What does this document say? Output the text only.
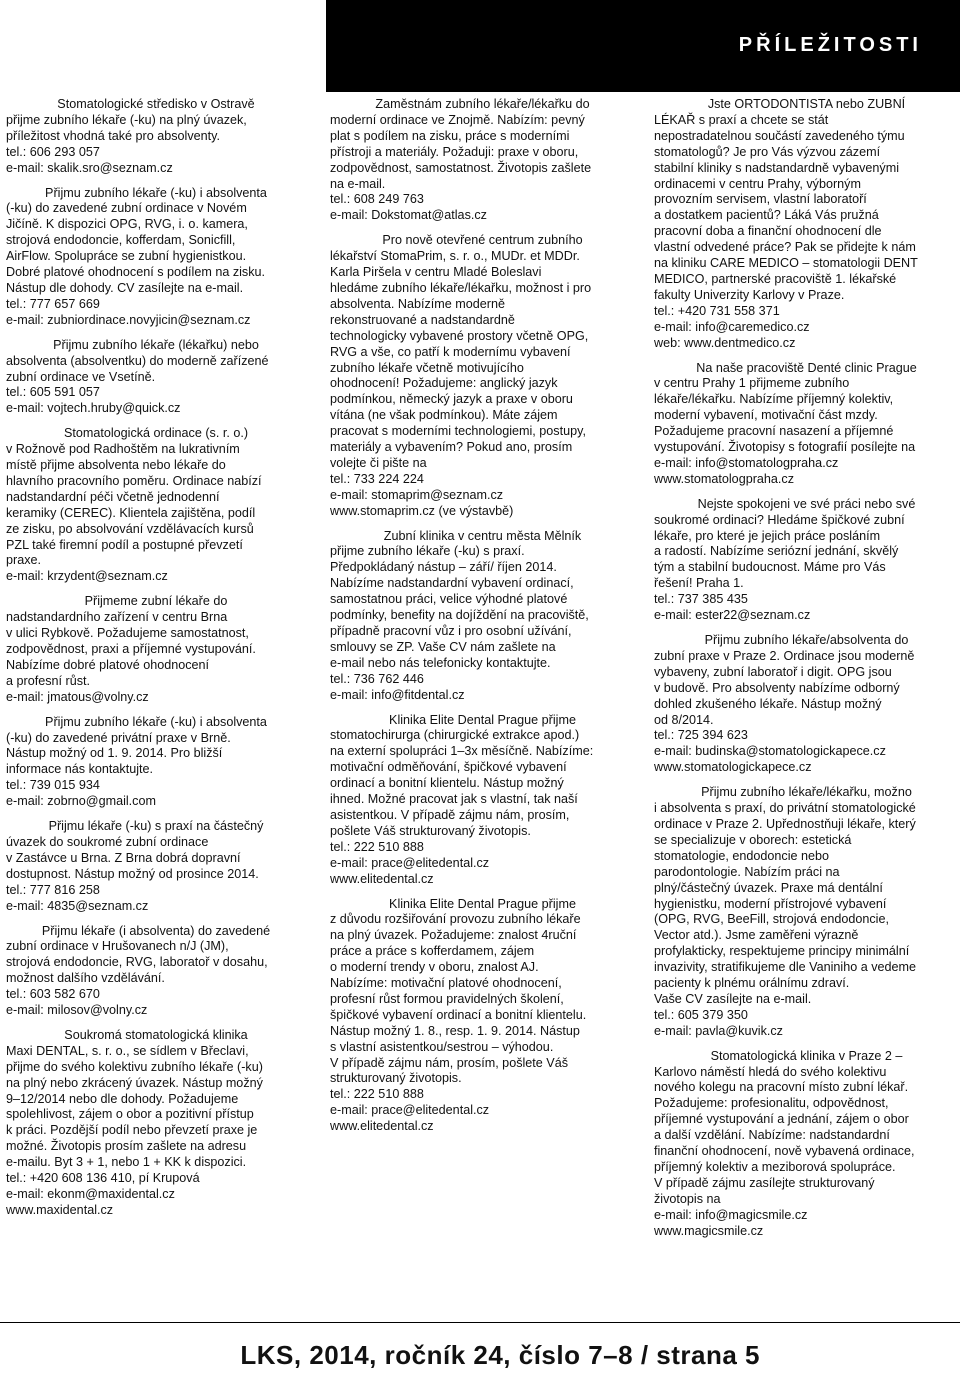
PŘÍLEŽITOSTI
Stomatologické středisko v Ostravě
přijme zubního lékaře (-ku) na plný úvazek,
příležitost vhodná také pro absolventy.
tel.: 606 293 057
e-mail: skalik.sro@seznam.cz
Přijmu zubního lékaře (-ku) i absolventa
(-ku) do zavedené zubní ordinace v Novém
Jičíně. K dispozici OPG, RVG, i. o. kamera,
strojová endodoncie, kofferdam, Sonicfill,
AirFlow. Spolupráce se zubní hygienistkou.
Dobré platové ohodnocení s podílem na zisku.
Nástup dle dohody. CV zasílejte na e-mail.
tel.: 777 657 669
e-mail: zubniordinace.novyjicin@seznam.cz
Přijmu zubního lékaře (lékařku) nebo
absolventa (absolventku) do moderně zařízené
zubní ordinace ve Vsetíně.
tel.: 605 591 057
e-mail: vojtech.hruby@quick.cz
Stomatologická ordinace (s. r. o.)
v Rožnově pod Radhoštěm na lukrativním
místě přijme absolventa nebo lékaře do
hlavního pracovního poměru. Ordinace nabízí
nadstandardní péči včetně jednodenní
keramiky (CEREC). Klientela zajištěna, podíl
ze zisku, po absolvování vzdělávacích kursů
PZL také firemní podíl a postupné převzetí
praxe.
e-mail: krzydent@seznam.cz
Přijmeme zubní lékaře do
nadstandardního zařízení v centru Brna
v ulici Rybkově. Požadujeme samostatnost,
zodpovědnost, praxi a příjemné vystupování.
Nabízíme dobré platové ohodnocení
a profesní růst.
e-mail: jmatous@volny.cz
Přijmu zubního lékaře (-ku) i absolventa
(-ku) do zavedené privátní praxe v Brně.
Nástup možný od 1. 9. 2014. Pro bližší
informace nás kontaktujte.
tel.: 739 015 934
e-mail: zobrno@gmail.com
Přijmu lékaře (-ku) s praxí na částečný
úvazek do soukromé zubní ordinace
v Zastávce u Brna. Z Brna dobrá dopravní
dostupnost. Nástup možný od prosince 2014.
tel.: 777 816 258
e-mail: 4835@seznam.cz
Přijmu lékaře (i absolventa) do zavedené
zubní ordinace v Hrušovanech n/J (JM),
strojová endodoncie, RVG, laboratoř v dosahu,
možnost dalšího vzdělávání.
tel.: 603 582 670
e-mail: milosov@volny.cz
Soukromá stomatologická klinika
Maxi DENTAL, s. r. o., se sídlem v Břeclavi,
přijme do svého kolektivu zubního lékaře (-ku)
na plný nebo zkrácený úvazek. Nástup možný
9–12/2014 nebo dle dohody. Požadujeme
spolehlivost, zájem o obor a pozitivní přístup
k práci. Pozdější podíl nebo převzetí praxe je
možné. Životopis prosím zašlete na adresu
e-mailu. Byt 3 + 1, nebo 1 + KK k dispozici.
tel.: +420 608 136 410, pí Krupová
e-mail: ekonm@maxidental.cz
www.maxidental.cz
Zaměstnám zubního lékaře/lékařku do
moderní ordinace ve Znojmě. Nabízím: pevný
plat s podílem na zisku, práce s moderními
přístroji a materiály. Požaduji: praxe v oboru,
zodpovědnost, samostatnost. Životopis zašlete
na e-mail.
tel.: 608 249 763
e-mail: Dokstomat@atlas.cz
Pro nově otevřené centrum zubního
lékařství StomaPrim, s. r. o., MUDr. et MDDr.
Karla Piršela v centru Mladé Boleslavi
hledáme zubního lékaře/lékařku, možnost i pro
absolventa. Nabízíme moderně
rekonstruované a nadstandardně
technologicky vybavené prostory včetně OPG,
RVG a vše, co patří k modernímu vybavení
zubního lékaře včetně motivujícího
ohodnocení! Požadujeme: anglický jazyk
podmínkou, německý jazyk a praxe v oboru
vítána (ne však podmínkou). Máte zájem
pracovat s moderními technologiemi, postupy,
materiály a vybavením? Pokud ano, prosím
volejte či pište na
tel.: 733 224 224
e-mail: stomaprim@seznam.cz
www.stomaprim.cz (ve výstavbě)
Zubní klinika v centru města Mělník
přijme zubního lékaře (-ku) s praxí.
Předpokládaný nástup – září/ říjen 2014.
Nabízíme nadstandardní vybavení ordinací,
samostatnou práci, velice výhodné platové
podmínky, benefity na dojíždění na pracoviště,
případně pracovní vůz i pro osobní užívání,
smlouvy se ZP. Vaše CV nám zašlete na
e-mail nebo nás telefonicky kontaktujte.
tel.: 736 762 446
e-mail: info@fitdental.cz
Klinika Elite Dental Prague přijme
stomatochirurga (chirurgické extrakce apod.)
na externí spolupráci 1–3x měsíčně. Nabízíme:
motivační odměňování, špičkové vybavení
ordinací a bonitní klientelu. Nástup možný
ihned. Možné pracovat jak s vlastní, tak naší
asistentkou. V případě zájmu nám, prosím,
pošlete Váš strukturovaný životopis.
tel.: 222 510 888
e-mail: prace@elitedental.cz
www.elitedental.cz
Klinika Elite Dental Prague přijme
z důvodu rozšiřování provozu zubního lékaře
na plný úvazek. Požadujeme: znalost 4ruční
práce a práce s kofferdamem, zájem
o moderní trendy v oboru, znalost AJ.
Nabízíme: motivační platové ohodnocení,
profesní růst formou pravidelných školení,
špičkové vybavení ordinací a bonitní klientelu.
Nástup možný 1. 8., resp. 1. 9. 2014. Nástup
s vlastní asistentkou/sestrou – výhodou.
V případě zájmu nám, prosím, pošlete Váš
strukturovaný životopis.
tel.: 222 510 888
e-mail: prace@elitedental.cz
www.elitedental.cz
Jste ORTODONTISTA nebo ZUBNÍ
LÉKAŘ s praxí a chcete se stát
nepostradatelnou součástí zavedeného týmu
stomatologů? Je pro Vás výzvou zázemí
stabilní kliniky s nadstandardně vybavenými
ordinacemi v centru Prahy, výborným
provozním servisem, vlastní laboratoří
a dostatkem pacientů? Láká Vás pružná
pracovní doba a finanční ohodnocení dle
vlastní odvedené práce? Pak se přidejte k nám
na kliniku CARE MEDICO – stomatologii DENT
MEDICO, partnerské pracoviště 1. lékařské
fakulty Univerzity Karlovy v Praze.
tel.: +420 731 558 371
e-mail: info@caremedico.cz
web: www.dentmedico.cz
Na naše pracoviště Denté clinic Prague
v centru Prahy 1 přijmeme zubního
lékaře/lékařku. Nabízíme příjemný kolektiv,
moderní vybavení, motivační část mzdy.
Požadujeme pracovní nasazení a příjemné
vystupování. Životopisy s fotografií posílejte na
e-mail: info@stomatologpraha.cz
www.stomatologpraha.cz
Nejste spokojeni ve své práci nebo své
soukromé ordinaci? Hledáme špičkové zubní
lékaře, pro které je jejich práce posláním
a radostí. Nabízíme seriózní jednání, skvělý
tým a stabilní budoucnost. Máme pro Vás
řešení! Praha 1.
tel.: 737 385 435
e-mail: ester22@seznam.cz
Přijmu zubního lékaře/absolventa do
zubní praxe v Praze 2. Ordinace jsou moderně
vybaveny, zubní laboratoř i digit. OPG jsou
v budově. Pro absolventy nabízíme odborný
dohled zkušeného lékaře. Nástup možný
od 8/2014.
tel.: 725 394 623
e-mail: budinska@stomatologickapece.cz
www.stomatologickapece.cz
Přijmu zubního lékaře/lékařku, možno
i absolventa s praxí, do privátní stomatologické
ordinace v Praze 2. Upřednostňuji lékaře, který
se specializuje v oborech: estetická
stomatologie, endodoncie nebo
parodontologie. Nabízím práci na
plný/částečný úvazek. Praxe má dentální
hygienistku, moderní přístrojové vybavení
(OPG, RVG, BeeFill, strojová endodoncie,
Vector atd.). Jsme zaměřeni výrazně
profylakticky, respektujeme principy minimální
invazivity, stratifikujeme dle Vaniniho a vedeme
pacienty k plnému orálnímu zdraví.
Vaše CV zasílejte na e-mail.
tel.: 605 379 350
e-mail: pavla@kuvik.cz
Stomatologická klinika v Praze 2 –
Karlovo náměstí hledá do svého kolektivu
nového kolegu na pracovní místo zubní lékař.
Požadujeme: profesionalitu, odpovědnost,
příjemné vystupování a jednání, zájem o obor
a další vzdělání. Nabízíme: nadstandardní
finanční ohodnocení, nově vybavená ordinace,
příjemný kolektiv a meziborová spolupráce.
V případě zájmu zasílejte strukturovaný
životopis na
e-mail: info@magicsmile.cz
www.magicsmile.cz
LKS, 2014, ročník 24, číslo 7–8 / strana 5
